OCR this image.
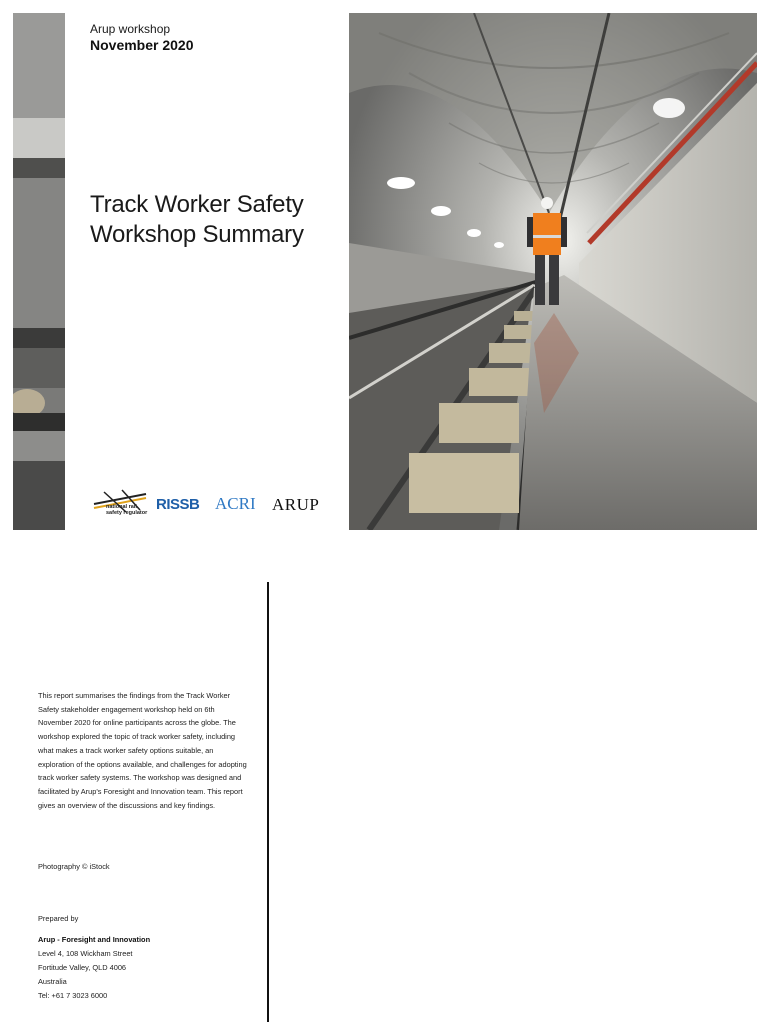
Arup workshop
November 2020
Track Worker Safety Workshop Summary
national rail
safety regulator RISSB ACRI ARUP

This report summarises the findings from the Track Worker Safety stakeholder engagement workshop held on 6th November 2020 for online participants across the globe. The workshop explored the topic of track worker safety, including what makes a track worker safety options suitable, an exploration of the options available, and challenges for adopting track worker safety systems. The workshop was designed and facilitated by Arup's Foresight and Innovation team. This report gives an overview of the discussions and key findings.

Photography © iStock
Prepared by
Arup - Foresight and Innovation
Level 4, 108 Wickham Street
Fortitude Valley, QLD 4006
Australia
Tel: +61 7 3023 6000
